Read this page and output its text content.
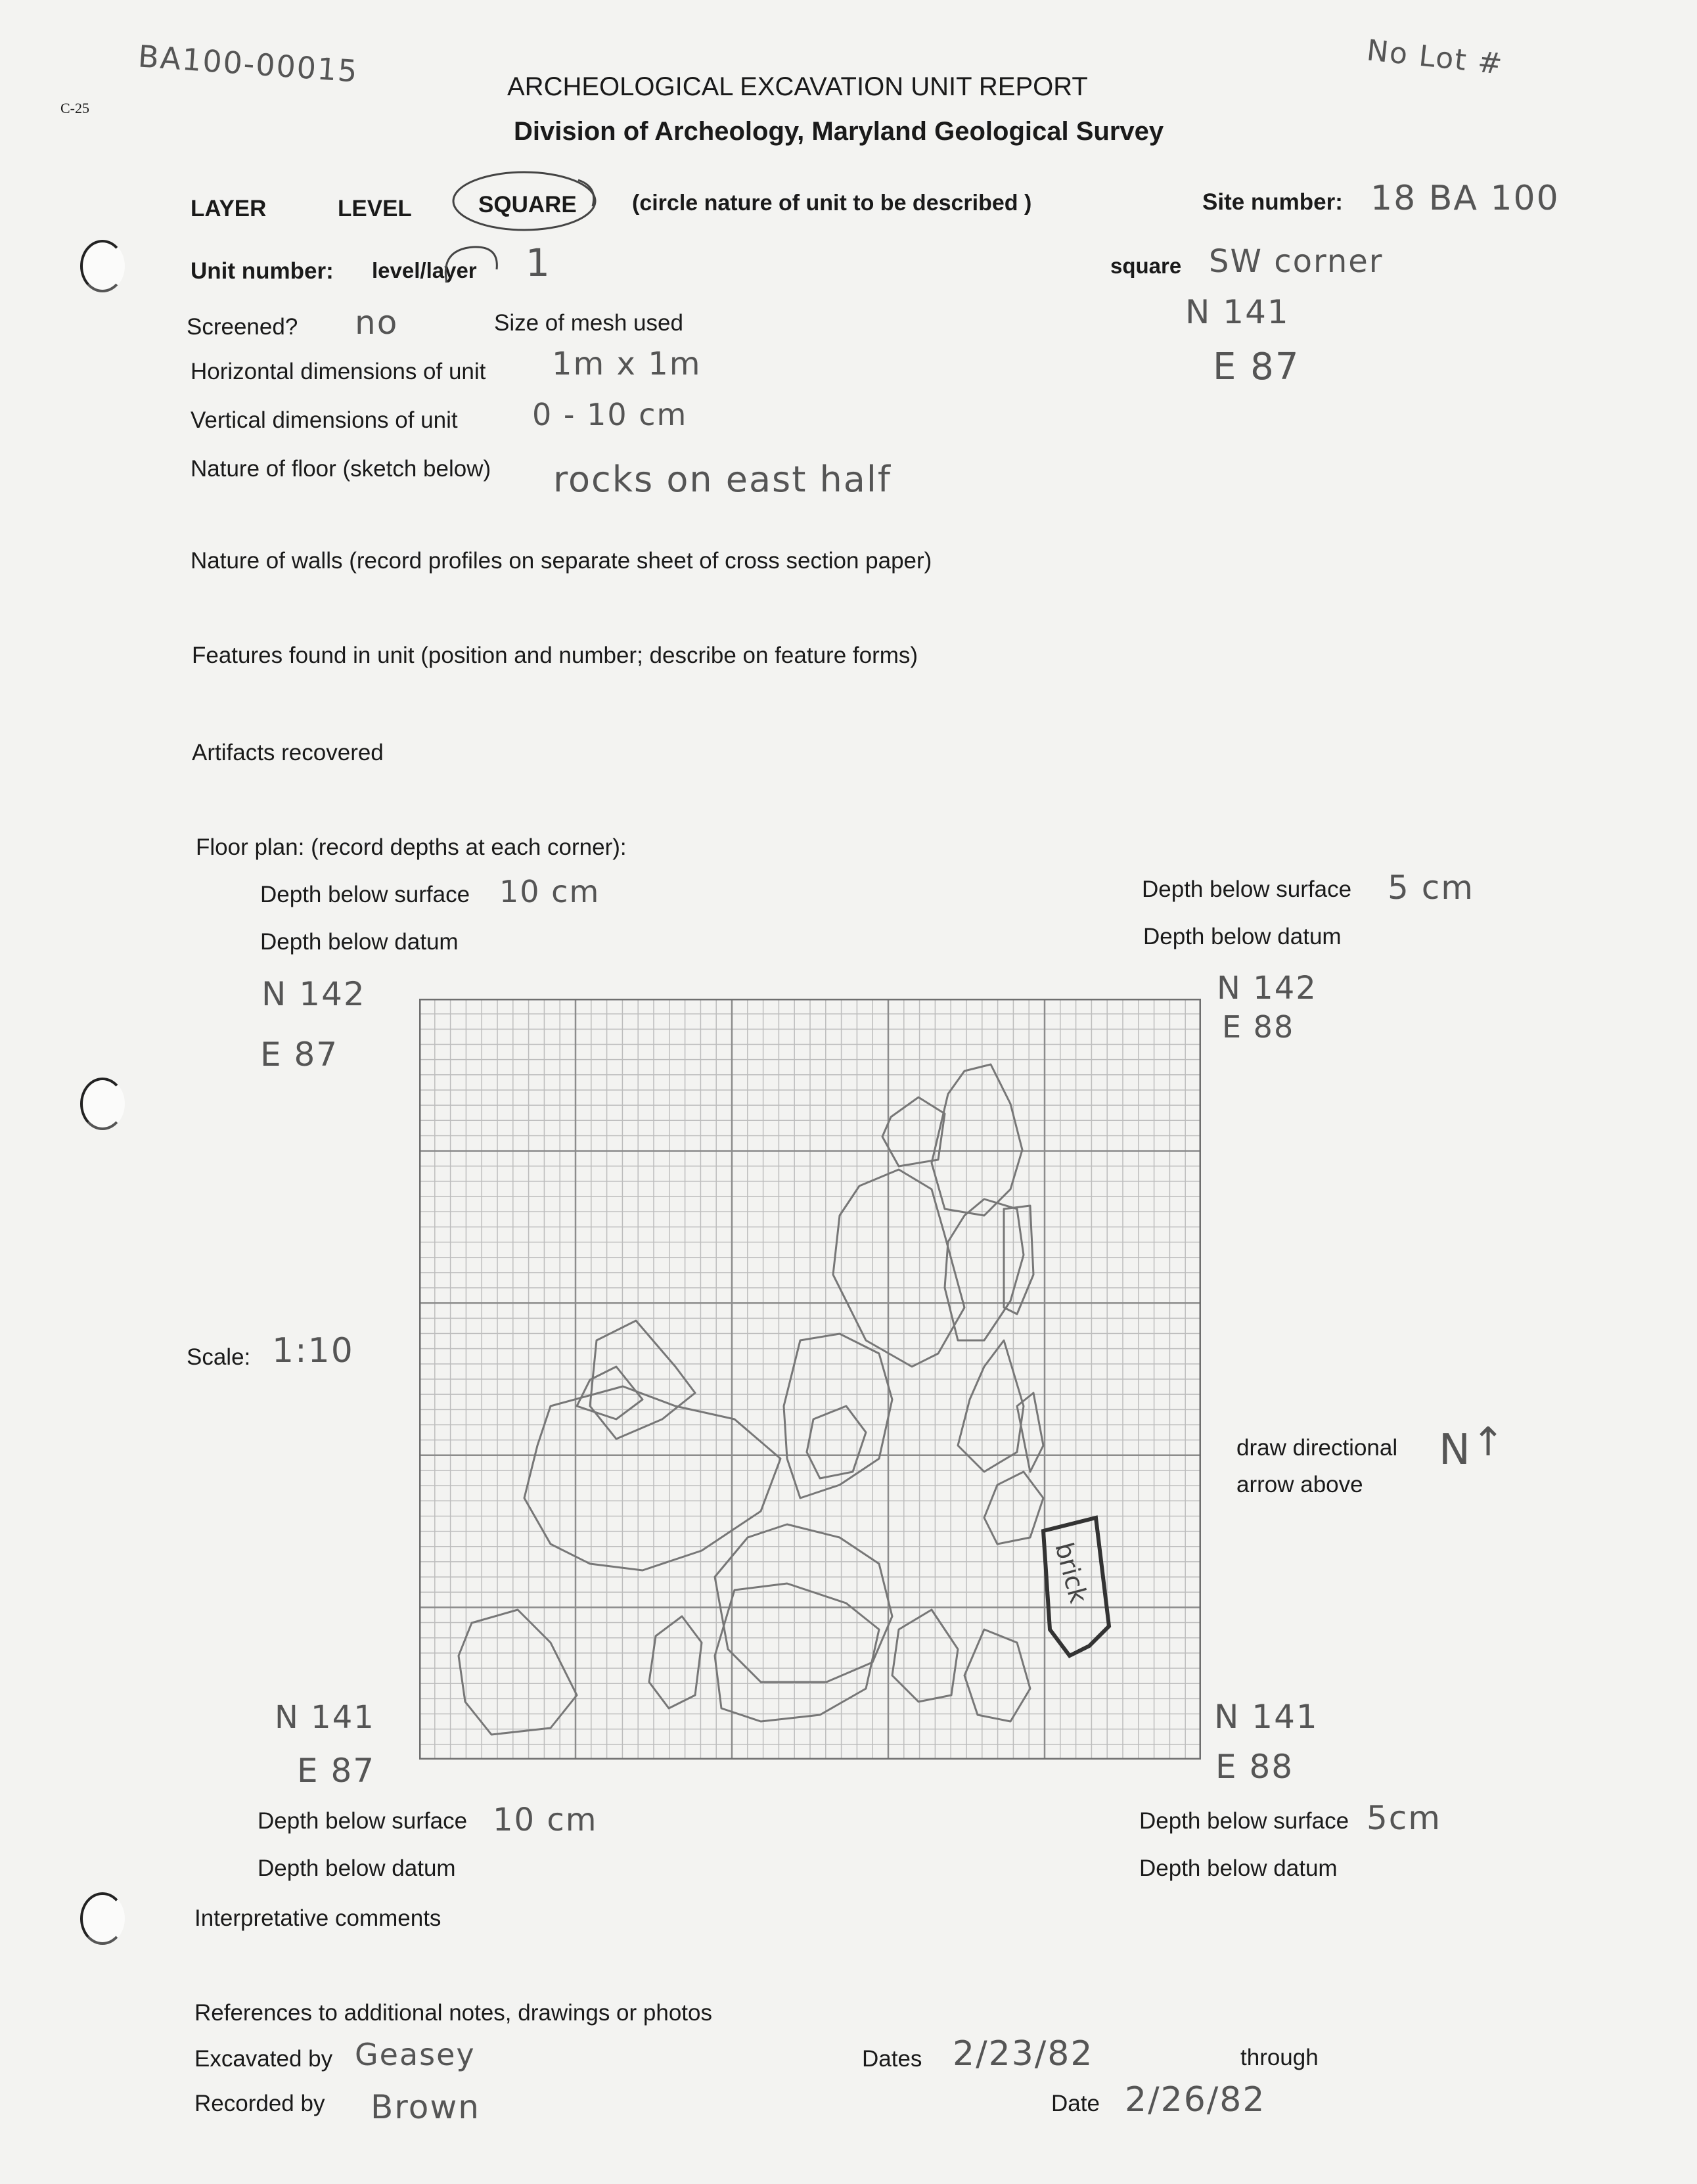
BA100-00015	No Lot #
C-25
ARCHEOLOGICAL EXCAVATION UNIT REPORT
Division of Archeology, Maryland Geological Survey
LAYER	LEVEL	SQUARE (circle nature of unit to be described )	Site number: 18 BA 100
Unit number: level/layer 1	square SW corner
N 141
E 87
Screened? no	Size of mesh used
Horizontal dimensions of unit 1m x 1m
Vertical dimensions of unit 0 - 10 cm
Nature of floor (sketch below) rocks on east half
Nature of walls (record profiles on separate sheet of cross section paper)
Features found in unit (position and number; describe on feature forms)
Artifacts recovered
Floor plan: (record depths at each corner):
Depth below surface 10 cm
Depth below datum
N 142
E 87
Depth below surface 5 cm
Depth below datum
N 142
E 88
brick
Scale: 1:10
draw directional
arrow above
N ↑
N 141
E 87
Depth below surface 10 cm
Depth below datum
N 141
E 88
Depth below surface 5cm
Depth below datum
Interpretative comments
References to additional notes, drawings or photos
Excavated by Geasey
Recorded by Brown
Dates 2/23/82	through
Date 2/26/82
